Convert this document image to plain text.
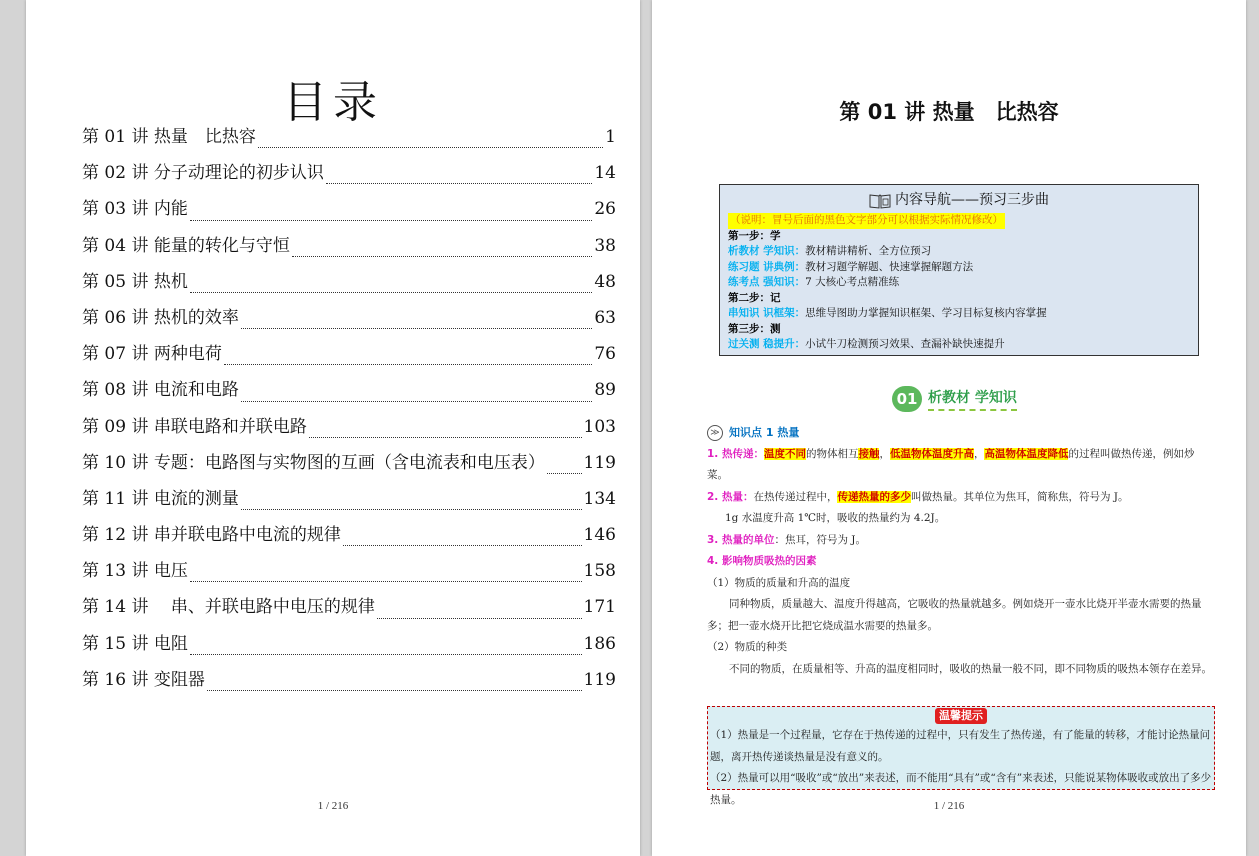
目录
第 01 讲 热量　比热容	1
第 02 讲 分子动理论的初步认识	14
第 03 讲 内能	26
第 04 讲 能量的转化与守恒	38
第 05 讲 热机	48
第 06 讲 热机的效率	63
第 07 讲 两种电荷	76
第 08 讲 电流和电路	89
第 09 讲 串联电路和并联电路	103
第 10 讲 专题：电路图与实物图的互画（含电流表和电压表） 119
第 11 讲 电流的测量	134
第 12 讲 串并联电路中电流的规律	146
第 13 讲 电压	158
第 14 讲　 串、并联电路中电压的规律	171
第 15 讲 电阻	186
第 16 讲 变阻器	119
1 / 216
第 01 讲 热量　比热容
内容导航——预习三步曲
（说明：冒号后面的黑色文字部分可以根据实际情况修改）
第一步：学
析教材 学知识：教材精讲精析、全方位预习
练习题 讲典例：教材习题学解题、快速掌握解题方法
练考点 强知识：7 大核心考点精准练
第二步：记
串知识 识框架：思维导图助力掌握知识框架、学习目标复核内容掌握
第三步：测
过关测 稳提升：小试牛刀检测预习效果、查漏补缺快速提升
01 析教材 学知识
≫ 知识点 1 热量
1. 热传递：温度不同的物体相互接触，低温物体温度升高，高温物体温度降低的过程叫做热传递，例如炒菜。
2. 热量：在热传递过程中，传递热量的多少叫做热量。其单位为焦耳，简称焦，符号为 J。
1g 水温度升高 1℃时，吸收的热量约为 4.2J。
3. 热量的单位：焦耳，符号为 J。
4. 影响物质吸热的因素
（1）物质的质量和升高的温度
同种物质，质量越大、温度升得越高，它吸收的热量就越多。例如烧开一壶水比烧开半壶水需要的热量多；把一壶水烧开比把它烧成温水需要的热量多。
（2）物质的种类
不同的物质，在质量相等、升高的温度相同时，吸收的热量一般不同，即不同物质的吸热本领存在差异。
温馨提示
（1）热量是一个过程量，它存在于热传递的过程中，只有发生了热传递，有了能量的转移，才能讨论热量问题，离开热传递谈热量是没有意义的。
（2）热量可以用“吸收”或“放出”来表述，而不能用“具有”或“含有”来表述，只能说某物体吸收或放出了多少热量。
1 / 216
